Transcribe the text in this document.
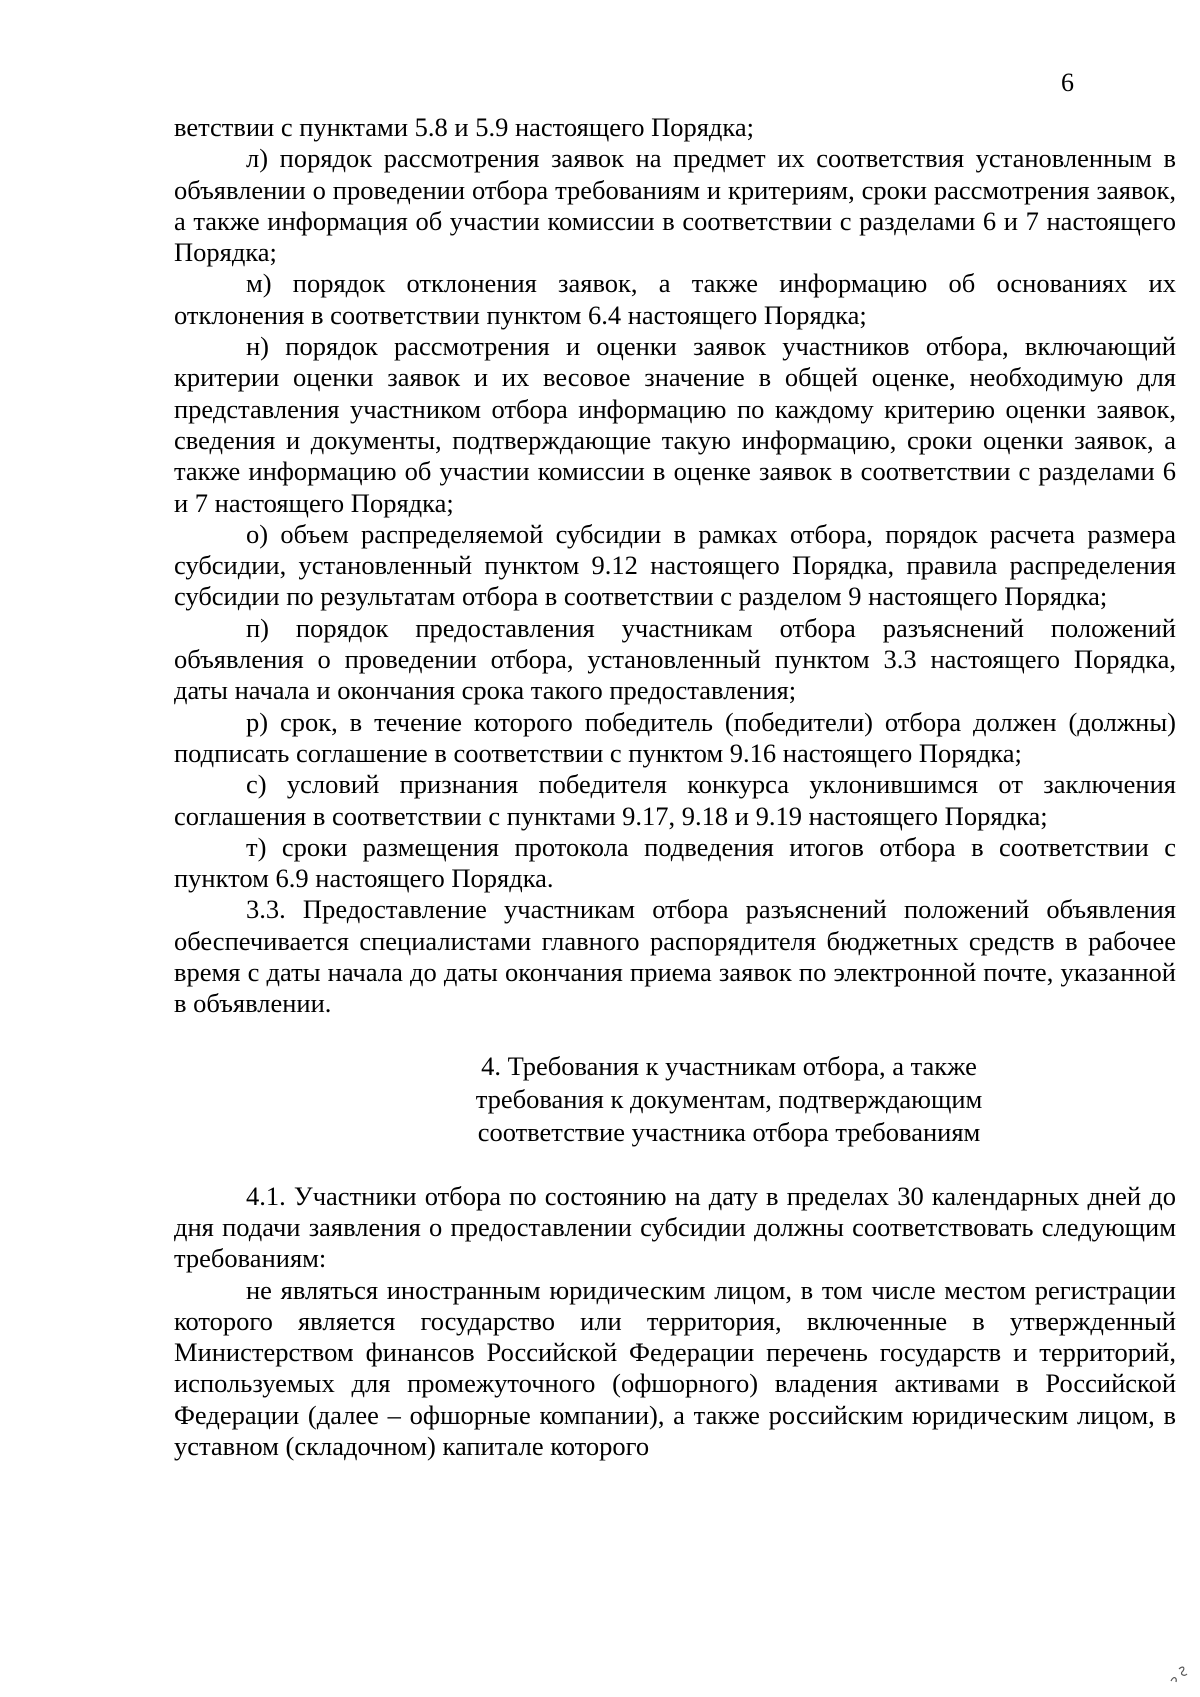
6

ветствии с пунктами 5.8 и 5.9 настоящего Порядка;

л) порядок рассмотрения заявок на предмет их соответствия установленным в объявлении о проведении отбора требованиям и критериям, сроки рассмотрения заявок, а также информация об участии комиссии в соответствии с разделами 6 и 7 настоящего Порядка;

м) порядок отклонения заявок, а также информацию об основаниях их отклонения в соответствии пунктом 6.4 настоящего Порядка;

н) порядок рассмотрения и оценки заявок участников отбора, включающий критерии оценки заявок и их весовое значение в общей оценке, необходимую для представления участником отбора информацию по каждому критерию оценки заявок, сведения и документы, подтверждающие такую информацию, сроки оценки заявок, а также информацию об участии комиссии в оценке заявок в соответствии с разделами 6 и 7 настоящего Порядка;

о) объем распределяемой субсидии в рамках отбора, порядок расчета размера субсидии, установленный пунктом 9.12 настоящего Порядка, правила распределения субсидии по результатам отбора в соответствии с разделом 9 настоящего Порядка;

п) порядок предоставления участникам отбора разъяснений положений объявления о проведении отбора, установленный пунктом 3.3 настоящего Порядка, даты начала и окончания срока такого предоставления;

р) срок, в течение которого победитель (победители) отбора должен (должны) подписать соглашение в соответствии с пунктом 9.16 настоящего Порядка;

с) условий признания победителя конкурса уклонившимся от заключения соглашения в соответствии с пунктами 9.17, 9.18 и 9.19 настоящего Порядка;

т) сроки размещения протокола подведения итогов отбора в соответствии с пунктом 6.9 настоящего Порядка.

3.3. Предоставление участникам отбора разъяснений положений объявления обеспечивается специалистами главного распорядителя бюджетных средств в рабочее время с даты начала до даты окончания приема заявок по электронной почте, указанной в объявлении.

4. Требования к участникам отбора, а также
требования к документам, подтверждающим
соответствие участника отбора требованиям

4.1. Участники отбора по состоянию на дату в пределах 30 календарных дней до дня подачи заявления о предоставлении субсидии должны соответствовать следующим требованиям:

не являться иностранным юридическим лицом, в том числе местом регистрации которого является государство или территория, включенные в утвержденный Министерством финансов Российской Федерации перечень государств и территорий, используемых для промежуточного (офшорного) владения активами в Российской Федерации (далее – офшорные компании), а также российским юридическим лицом, в уставном (складочном) капитале которого
